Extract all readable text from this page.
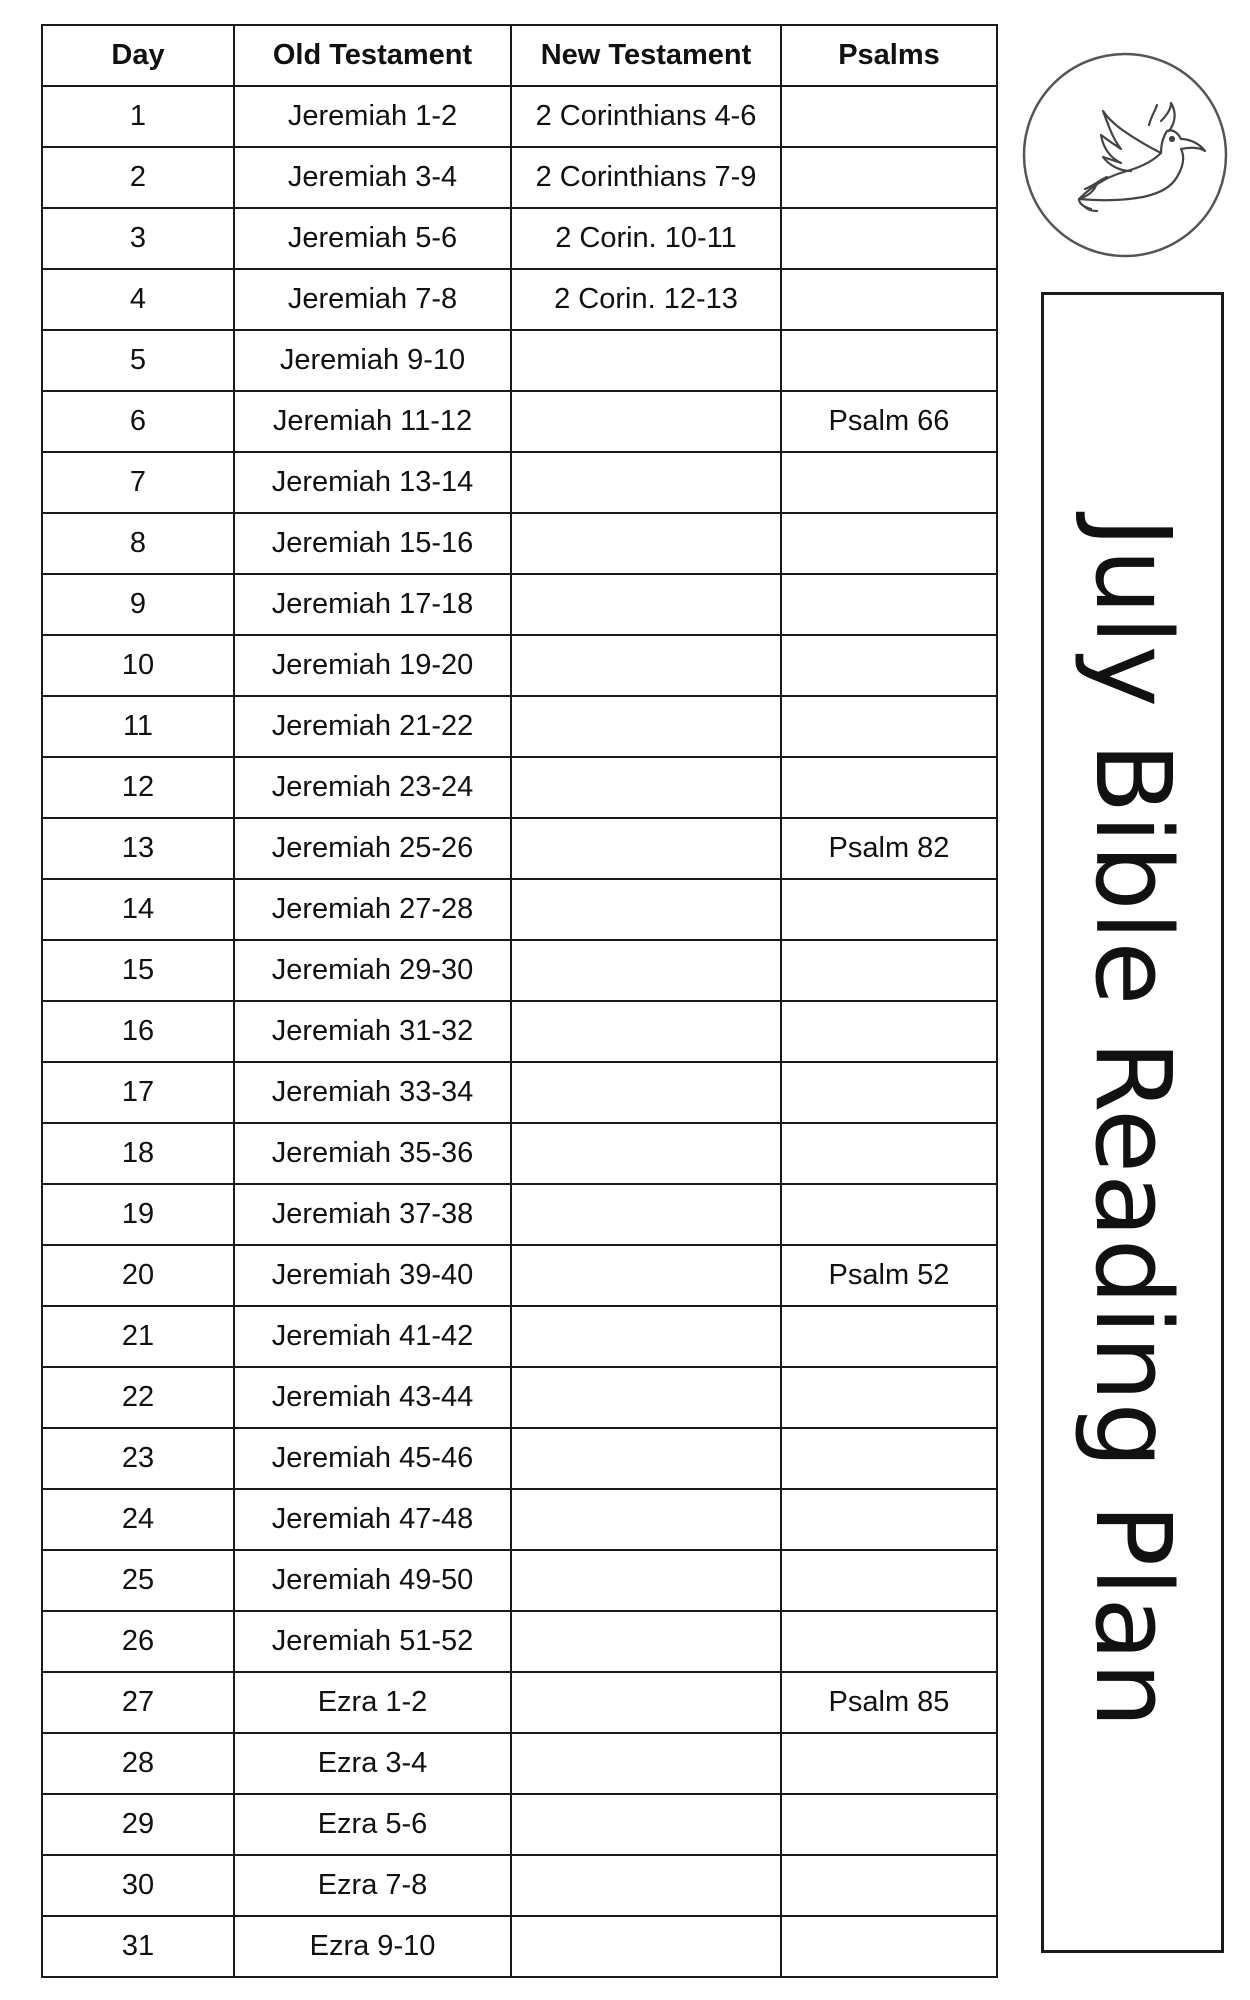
Day	Old Testament	New Testament	Psalms
1	Jeremiah 1-2	2 Corinthians 4-6	
2	Jeremiah 3-4	2 Corinthians 7-9	
3	Jeremiah 5-6	2 Corin. 10-11	
4	Jeremiah 7-8	2 Corin. 12-13	
5	Jeremiah 9-10		
6	Jeremiah 11-12		Psalm 66
7	Jeremiah 13-14		
8	Jeremiah 15-16		
9	Jeremiah 17-18		
10	Jeremiah 19-20		
11	Jeremiah 21-22		
12	Jeremiah 23-24		
13	Jeremiah 25-26		Psalm 82
14	Jeremiah 27-28		
15	Jeremiah 29-30		
16	Jeremiah 31-32		
17	Jeremiah 33-34		
18	Jeremiah 35-36		
19	Jeremiah 37-38		
20	Jeremiah 39-40		Psalm 52
21	Jeremiah 41-42		
22	Jeremiah 43-44		
23	Jeremiah 45-46		
24	Jeremiah 47-48		
25	Jeremiah 49-50		
26	Jeremiah 51-52		
27	Ezra 1-2		Psalm 85
28	Ezra 3-4		
29	Ezra 5-6		
30	Ezra 7-8		
31	Ezra 9-10		
July Bible Reading Plan
